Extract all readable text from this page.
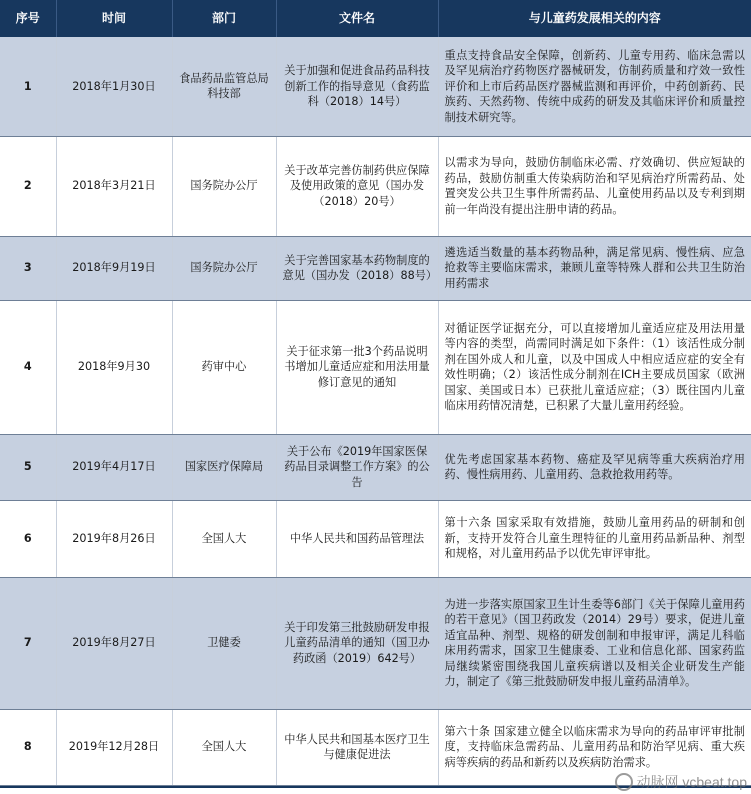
序号	时间	部门	文件名	与儿童药发展相关的内容
1	2018年1月30日	食品药品监管总局科技部	关于加强和促进食品药品科技创新工作的指导意见（食药监科（2018）14号）	重点支持食品安全保障，创新药、儿童专用药、临床急需以及罕见病治疗药物医疗器械研发，仿制药质量和疗效一致性评价和上市后药品医疗器械监测和再评价，中药创新药、民族药、天然药物、传统中成药的研发及其临床评价和质量控制技术研究等。
2	2018年3月21日	国务院办公厅	关于改革完善仿制药供应保障及使用政策的意见（国办发（2018）20号）	以需求为导向，鼓励仿制临床必需、疗效确切、供应短缺的药品，鼓励仿制重大传染病防治和罕见病治疗所需药品、处置突发公共卫生事件所需药品、儿童使用药品以及专利到期前一年尚没有提出注册申请的药品。
3	2018年9月19日	国务院办公厅	关于完善国家基本药物制度的意见（国办发（2018）88号）	遴选适当数量的基本药物品种，满足常见病、慢性病、应急抢救等主要临床需求，兼顾儿童等特殊人群和公共卫生防治用药需求
4	2018年9月30	药审中心	关于征求第一批3个药品说明书增加儿童适应症和用法用量修订意见的通知	对循证医学证据充分，可以直接增加儿童适应症及用法用量等内容的类型，尚需同时满足如下条件：（1）该活性成分制剂在国外成人和儿童，以及中国成人中相应适应症的安全有效性明确；（2）该活性成分制剂在ICH主要成员国家（欧洲国家、美国或日本）已获批儿童适应症；（3）既往国内儿童临床用药情况清楚，已积累了大量儿童用药经验。
5	2019年4月17日	国家医疗保障局	关于公布《2019年国家医保药品目录调整工作方案》的公告	优先考虑国家基本药物、癌症及罕见病等重大疾病治疗用药、慢性病用药、儿童用药、急救抢救用药等。
6	2019年8月26日	全国人大	中华人民共和国药品管理法	第十六条 国家采取有效措施，鼓励儿童用药品的研制和创新，支持开发符合儿童生理特征的儿童用药品新品种、剂型和规格，对儿童用药品予以优先审评审批。
7	2019年8月27日	卫健委	关于印发第三批鼓励研发申报儿童药品清单的通知（国卫办药政函（2019）642号）	为进一步落实原国家卫生计生委等6部门《关于保障儿童用药的若干意见》（国卫药政发（2014）29号）要求，促进儿童适宜品种、剂型、规格的研发创制和申报审评，满足儿科临床用药需求，国家卫生健康委、工业和信息化部、国家药监局继续紧密围绕我国儿童疾病谱以及相关企业研发生产能力，制定了《第三批鼓励研发申报儿童药品清单》。
8	2019年12月28日	全国人大	中华人民共和国基本医疗卫生与健康促进法	第六十条 国家建立健全以临床需求为导向的药品审评审批制度，支持临床急需药品、儿童用药品和防治罕见病、重大疾病等疾病的药品和新药以及疾病防治需求。
动脉网 vcbeat.top
